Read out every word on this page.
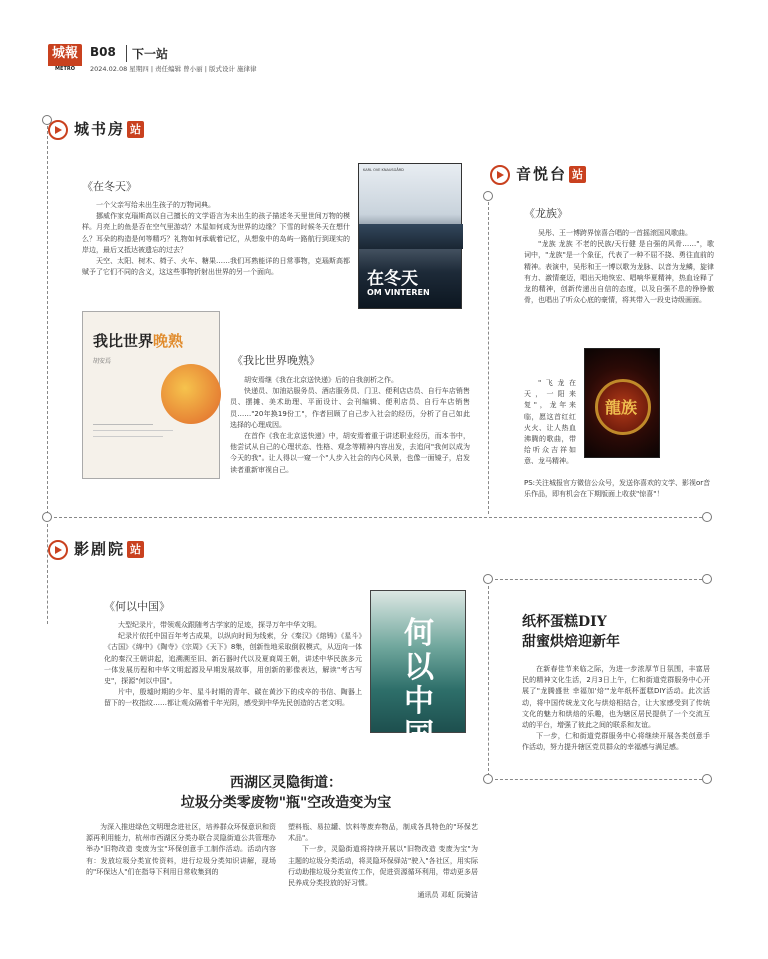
城報
METRO
B08	下一站
2024.02.08 星期四 | 责任编辑 曾小丽 | 版式设计 施律律
城书房 站
《在冬天》

一个父亲写给未出生孩子的万物词典。

挪威作家克瑙斯高以自己擅长的文学语言为未出生的孩子描述冬天里世间万物的模样。月亮上的鱼是否在空气里游动？木星如何成为世界的边缘？下雪的时候冬天在想什么？耳朵的构造是何等精巧？礼物如何承载着记忆，从想象中的岛屿一路航行到现实的岸边，最后又抵达被遗忘的过去？

天空、太阳、树木、椅子、火车、糖果……我们耳熟能详的日常事物，克瑙斯高都赋予了它们不同的含义，这这些事物折射出世界的另一个面向。

KARL OVE KNAUSGÅRD
在冬天
OM VINTEREN
我比世界晚熟
胡安焉	《我比世界晚熟》

胡安焉继《我在北京送快递》后的自我剖析之作。

快递员、加油站服务员、酒店服务员、门卫、便利店店员、自行车店销售员、摆摊、美术助理、平面设计、会刊编辑、便利店员、自行车店销售员……"20年换19份工"，作者回顾了自己步入社会的经历，分析了自己如此选择的心理成因。

在首作《我在北京送快递》中，胡安焉着重于讲述职业经历，而本书中，他尝试从自己的心理状态、性格、观念等精神内容出发，去追问"我何以成为今天的我"。让人得以一窥一个"人步入社会的内心风景，也像一面镜子，启发读者重新审视自己。

音悦台 站
《龙族》

吴彤、王一博跨界惊喜合唱的一首摇滚国风歌曲。

"龙族 龙族 不老的民族/天行健 是自强的风骨……"，歌词中，"龙族"是一个象征，代表了一种不屈不挠、勇往直前的精神。表演中，吴彤和王一博以歌为龙脉、以音为龙鳞，旋律有力、激情豪迈，唱出天地恢宏、唱响华夏精神，热血诠释了龙的精神，创新传递出自信的态度，以及自强不息的铮铮傲骨，也唱出了听众心底的豪情，将其带入一段史诗级画面。

"飞龙在天，一阳来复"，龙年来临，愿这首红红火火、让人热血沸腾的歌曲，带给听众吉祥如意、龙马精神。

龍族
PS:关注城报官方微信公众号，发送你喜欢的文学、影视or音乐作品，即有机会在下期版面上收获"惊喜"！
影剧院 站
《何以中国》

大型纪录片，带领观众跟随考古学家的足迹，探寻万年中华文明。

纪录片依托中国百年考古成果，以纵向时间为线索，分《秦汉》《熔铸》《星斗》《古国》《绵中》《陶寺》《宗周》《天下》8集，创新性地采取倒叙模式，从迈向一体化的秦汉王朝讲起，追溯溯至旧、新石器时代以及夏商周王朝，讲述中华民族多元一体发展历程和中华文明起源及早期发展故事，用创新的影像表达，解读"考古写史"，探源"何以中国"。

片中，殷墟时期的少年、星斗时期的青年、碳在黄沙下的戍卒的书信、陶器上留下的一枚指纹……都让观众隔着千年光阴，感受到中华先民创造的古老文明。

何以中国
纸杯蛋糕DIY
甜蜜烘焙迎新年

在新春佳节来临之际，为进一步浓厚节日氛围，丰富居民的精神文化生活，2月3日上午，仁和街道党群服务中心开展了"龙腾盛世 幸福加'焙'"龙年纸杯蛋糕DIY活动。此次活动，将中国传统龙文化与烘焙相结合，让大家感受到了传统文化的魅力和烘焙的乐趣，也为辖区居民提供了一个交流互动的平台，增强了彼此之间的联系和友谊。

下一步，仁和街道党群服务中心将继续开展各类创意手作活动，努力提升辖区党员群众的幸福感与满足感。

西湖区灵隐街道：
垃圾分类零废物"瓶"空改造变为宝

为深入推进绿色文明理念进社区，培养群众环保意识和资源再利用能力，杭州市西湖区分类办联合灵隐街道公共管理办举办"旧物改造 变废为宝"环保创意手工制作活动。活动内容有：发放垃圾分类宣传资料，进行垃圾分类知识讲解，现场的"环保达人"们在指导下利用日常收集到的

塑料瓶、易拉罐、饮料等废弃物品，制成各具特色的"环保艺术品"。

下一步，灵隐街道将持续开展以"旧物改造 变废为宝"为主题的垃圾分类活动，将灵隐环保驿站"驶入"各社区，用实际行动助推垃圾分类宣传工作，促进资源循环利用，带动更多居民养成分类投放的好习惯。

通讯员 邓虹 阮骑洁
